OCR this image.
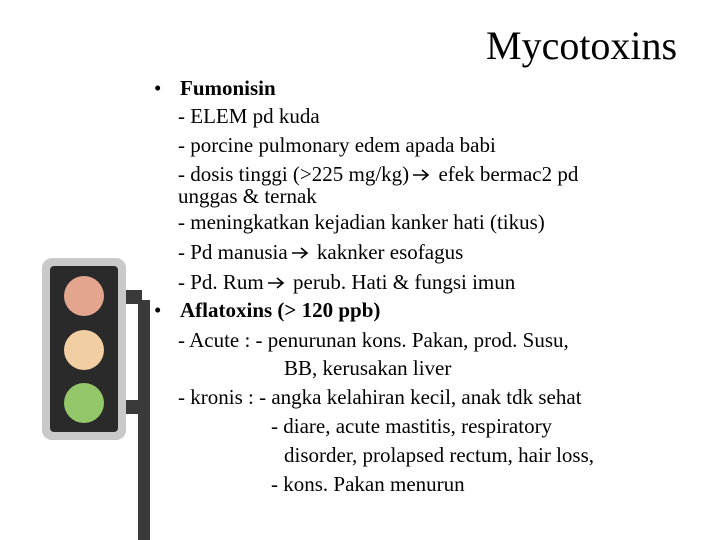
Mycotoxins
• Fumonisin
- ELEM pd kuda
- porcine pulmonary edem apada babi
- dosis tinggi (>225 mg/kg) efek bermac2 pd
unggas & ternak
- meningkatkan kejadian kanker hati (tikus)
- Pd manusia kaknker esofagus
- Pd. Rum perub. Hati & fungsi imun
• Aflatoxins (> 120 ppb)
- Acute : - penurunan kons. Pakan, prod. Susu,
BB, kerusakan liver
- kronis : - angka kelahiran kecil, anak tdk sehat
- diare, acute mastitis, respiratory
disorder, prolapsed rectum, hair loss,
- kons. Pakan menurun
